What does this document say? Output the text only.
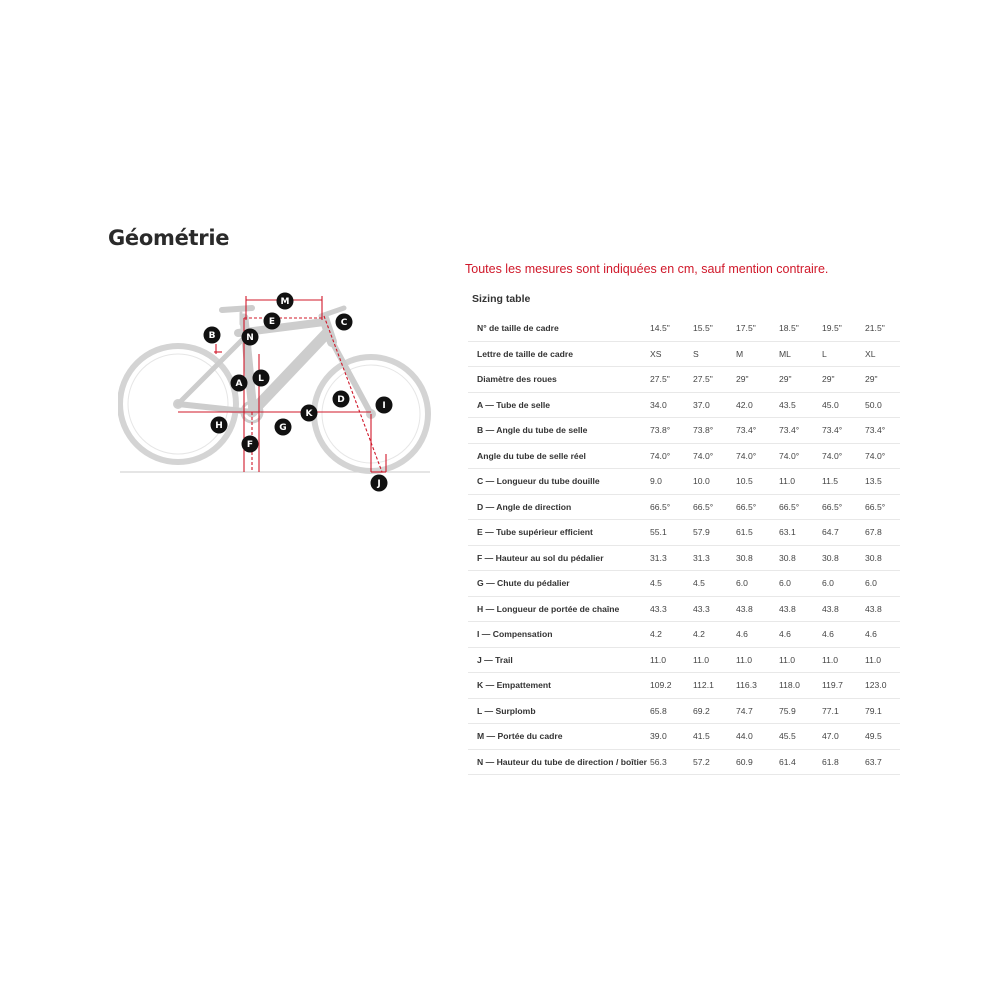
Géométrie
M
C
B	N
E
A L
D
I
K
H	G
F
J
Toutes les mesures sont indiquées en cm, sauf mention contraire.
Sizing table
N° de taille de cadre	14.5"	15.5"	17.5"	18.5"	19.5"	21.5"
Lettre de taille de cadre	XS	S	M	ML	L	XL
Diamètre des roues	27.5"	27.5"	29"	29"	29"	29"
A — Tube de selle	34.0	37.0	42.0	43.5	45.0	50.0
B — Angle du tube de selle	73.8°	73.8°	73.4°	73.4°	73.4°	73.4°
Angle du tube de selle réel	74.0°	74.0°	74.0°	74.0°	74.0°	74.0°
C — Longueur du tube douille	9.0	10.0	10.5	11.0	11.5	13.5
D — Angle de direction	66.5°	66.5°	66.5°	66.5°	66.5°	66.5°
E — Tube supérieur efficient	55.1	57.9	61.5	63.1	64.7	67.8
F — Hauteur au sol du pédalier	31.3	31.3	30.8	30.8	30.8	30.8
G — Chute du pédalier	4.5	4.5	6.0	6.0	6.0	6.0
H — Longueur de portée de chaîne	43.3	43.3	43.8	43.8	43.8	43.8
I — Compensation	4.2	4.2	4.6	4.6	4.6	4.6
J — Trail	11.0	11.0	11.0	11.0	11.0	11.0
K — Empattement	109.2	112.1	116.3	118.0	119.7	123.0
L — Surplomb	65.8	69.2	74.7	75.9	77.1	79.1
M — Portée du cadre	39.0	41.5	44.0	45.5	47.0	49.5
N — Hauteur du tube de direction / boîtier	56.3	57.2	60.9	61.4	61.8	63.7
